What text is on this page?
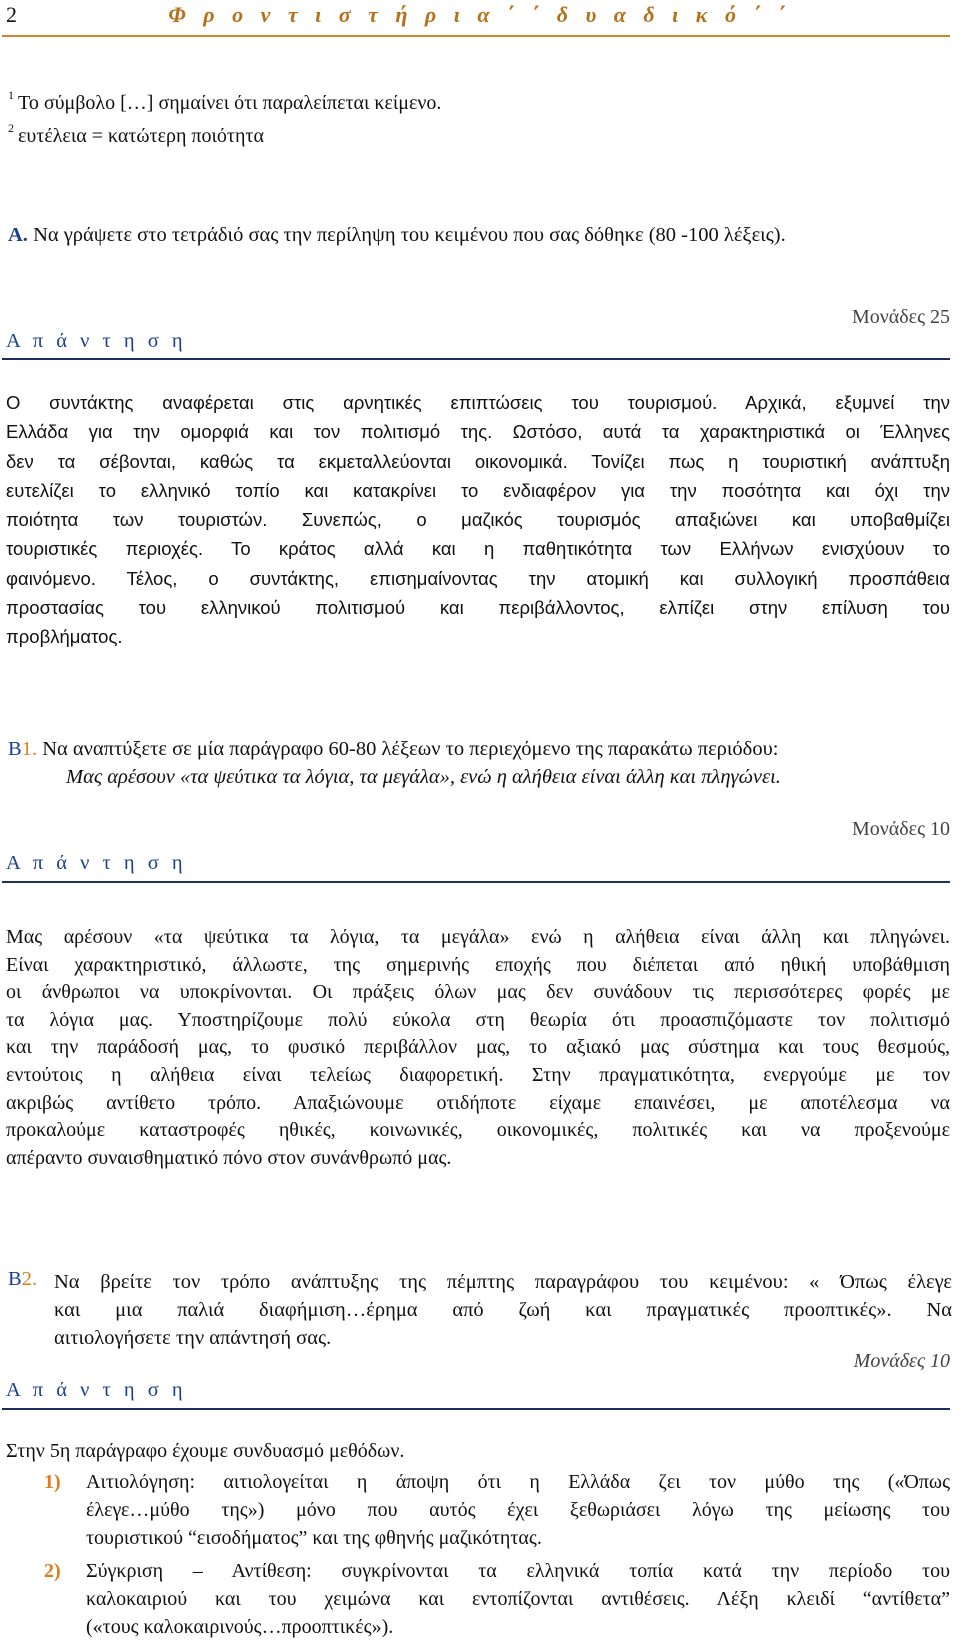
2	Φ ρ ο ν τ ι σ τ ή ρ ι α ΄ ΄ δ υ α δ ι κ ό ΄ ΄
$^1$ Το σύμβολο […] σημαίνει ότι παραλείπεται κείμενο.
$^2$ ευτέλεια = κατώτερη ποιότητα
Α. Να γράψετε στο τετράδιό σας την περίληψη του κειμένου που σας δόθηκε (80 -100 λέξεις).
Μονάδες 25
Α π ά ν τ η σ η
Ο συντάκτης αναφέρεται στις αρνητικές επιπτώσεις του τουρισμού. Αρχικά, εξυμνεί την
Ελλάδα για την ομορφιά και τον πολιτισμό της. Ωστόσο, αυτά τα χαρακτηριστικά οι Έλληνες
δεν τα σέβονται, καθώς τα εκμεταλλεύονται οικονομικά. Τονίζει πως η τουριστική ανάπτυξη
ευτελίζει το ελληνικό τοπίο και κατακρίνει το ενδιαφέρον για την ποσότητα και όχι την
ποιότητα των τουριστών. Συνεπώς, ο μαζικός τουρισμός απαξιώνει και υποβαθμίζει
τουριστικές περιοχές. Το κράτος αλλά και η παθητικότητα των Ελλήνων ενισχύουν το
φαινόμενο. Τέλος, ο συντάκτης, επισημαίνοντας την ατομική και συλλογική προσπάθεια
προστασίας του ελληνικού πολιτισμού και περιβάλλοντος, ελπίζει στην επίλυση του
προβλήματος.
Β1. Να αναπτύξετε σε μία παράγραφο 60-80 λέξεων το περιεχόμενο της παρακάτω περιόδου:
Μας αρέσουν «τα ψεύτικα τα λόγια, τα μεγάλα», ενώ η αλήθεια είναι άλλη και πληγώνει.
Μονάδες 10
Α π ά ν τ η σ η
Μας αρέσουν «τα ψεύτικα τα λόγια, τα μεγάλα» ενώ η αλήθεια είναι άλλη και πληγώνει.
Είναι χαρακτηριστικό, άλλωστε, της σημερινής εποχής που διέπεται από ηθική υποβάθμιση
οι άνθρωποι να υποκρίνονται. Οι πράξεις όλων μας δεν συνάδουν τις περισσότερες φορές με
τα λόγια μας. Υποστηρίζουμε πολύ εύκολα στη θεωρία ότι προασπιζόμαστε τον πολιτισμό
και την παράδοσή μας, το φυσικό περιβάλλον μας, το αξιακό μας σύστημα και τους θεσμούς,
εντούτοις η αλήθεια είναι τελείως διαφορετική. Στην πραγματικότητα, ενεργούμε με τον
ακριβώς αντίθετο τρόπο. Απαξιώνουμε οτιδήποτε είχαμε επαινέσει, με αποτέλεσμα να
προκαλούμε καταστροφές ηθικές, κοινωνικές, οικονομικές, πολιτικές και να προξενούμε
απέραντο συναισθηματικό πόνο στον συνάνθρωπό μας.
Β2. Να βρείτε τον τρόπο ανάπτυξης της πέμπτης παραγράφου του κειμένου: « Όπως έλεγε
και μια παλιά διαφήμιση…έρημα από ζωή και πραγματικές προοπτικές». Να
αιτιολογήσετε την απάντησή σας.
Μονάδες 10
Α π ά ν τ η σ η
Στην 5η παράγραφο έχουμε συνδυασμό μεθόδων.
1)	Αιτιολόγηση: αιτιολογείται η άποψη ότι η Ελλάδα ζει τον μύθο της («Όπως
έλεγε…μύθο της») μόνο που αυτός έχει ξεθωριάσει λόγω της μείωσης του
τουριστικού “εισοδήματος” και της φθηνής μαζικότητας.
2)	Σύγκριση – Αντίθεση: συγκρίνονται τα ελληνικά τοπία κατά την περίοδο του
καλοκαιριού και του χειμώνα και εντοπίζονται αντιθέσεις. Λέξη κλειδί “αντίθετα”
(«τους καλοκαιρινούς…προοπτικές»).
